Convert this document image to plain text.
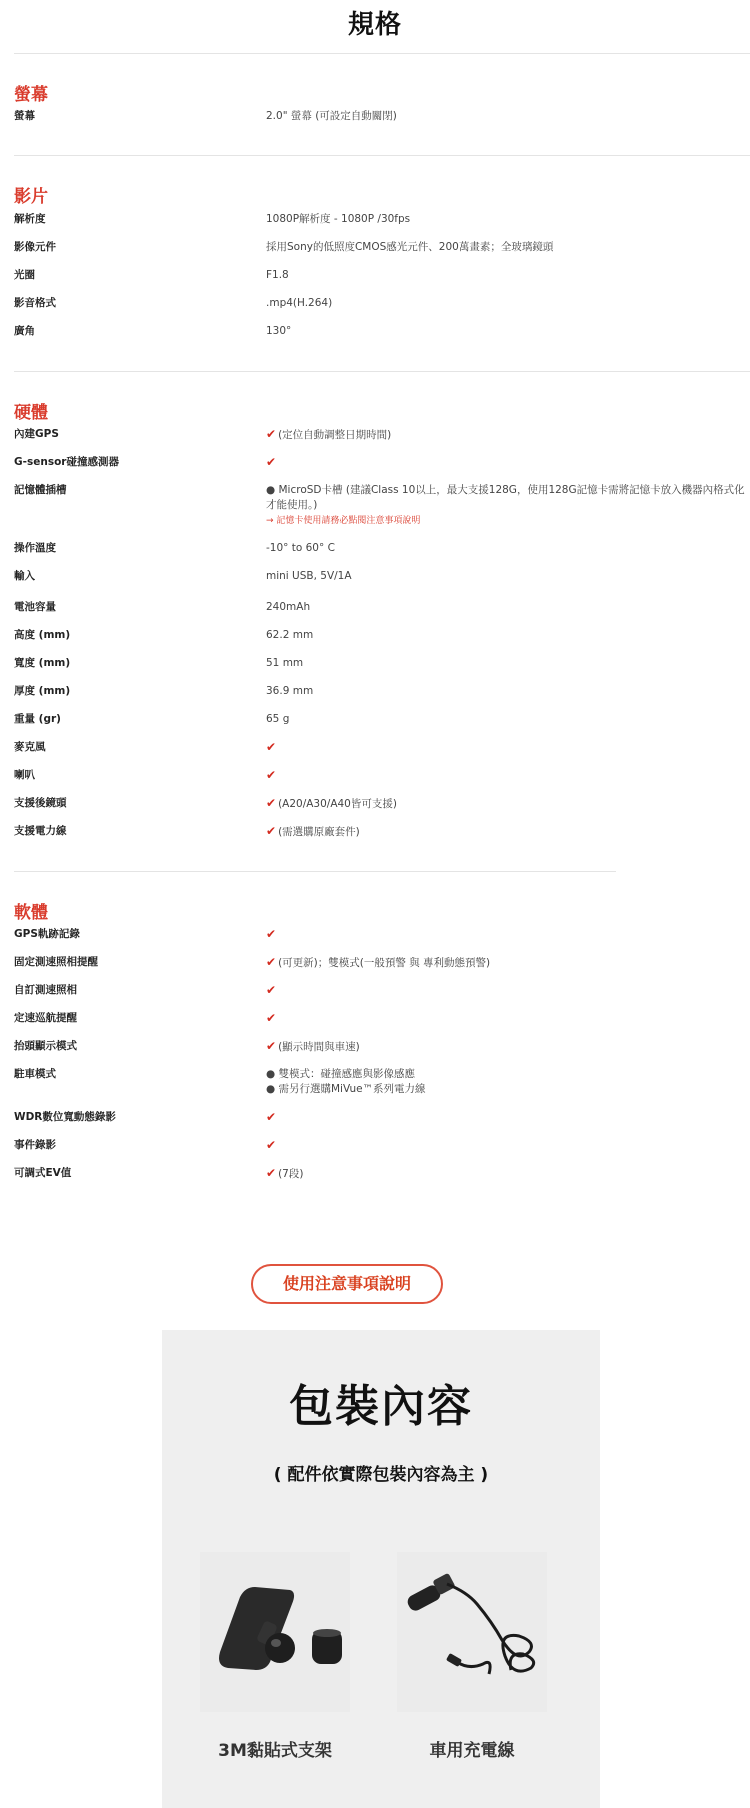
規格
螢幕
螢幕	2.0" 螢幕 (可設定自動關閉)
影片
解析度	1080P解析度 - 1080P /30fps
影像元件	採用Sony的低照度CMOS感光元件、200萬畫素；全玻璃鏡頭
光圈	F1.8
影音格式	.mp4(H.264)
廣角	130°
硬體
內建GPS	✔ (定位自動調整日期時間)
G-sensor碰撞感測器	✔
記憶體插槽	● MicroSD卡槽 (建議Class 10以上，最大支援128G，使用128G記憶卡需將記憶卡放入機器內格式化才能使用。)
→ 記憶卡使用請務必點閱注意事項說明
操作溫度	-10° to 60° C
輸入	mini USB, 5V/1A
電池容量	240mAh
高度 (mm)	62.2 mm
寬度 (mm)	51 mm
厚度 (mm)	36.9 mm
重量 (gr)	65 g
麥克風	✔
喇叭	✔
支援後鏡頭	✔ (A20/A30/A40皆可支援)
支援電力線	✔ (需選購原廠套件)
軟體
GPS軌跡記錄	✔
固定測速照相提醒	✔ (可更新)；雙模式(一般預警 與 專利動態預警)
自訂測速照相	✔
定速巡航提醒	✔
抬頭顯示模式	✔ (顯示時間與車速)
駐車模式	● 雙模式：碰撞感應與影像感應
● 需另行選購MiVue™系列電力線
WDR數位寬動態錄影	✔
事件錄影	✔
可調式EV值	✔ (7段)
使用注意事項說明
包裝內容
( 配件依實際包裝內容為主 )
3M黏貼式支架	車用充電線
